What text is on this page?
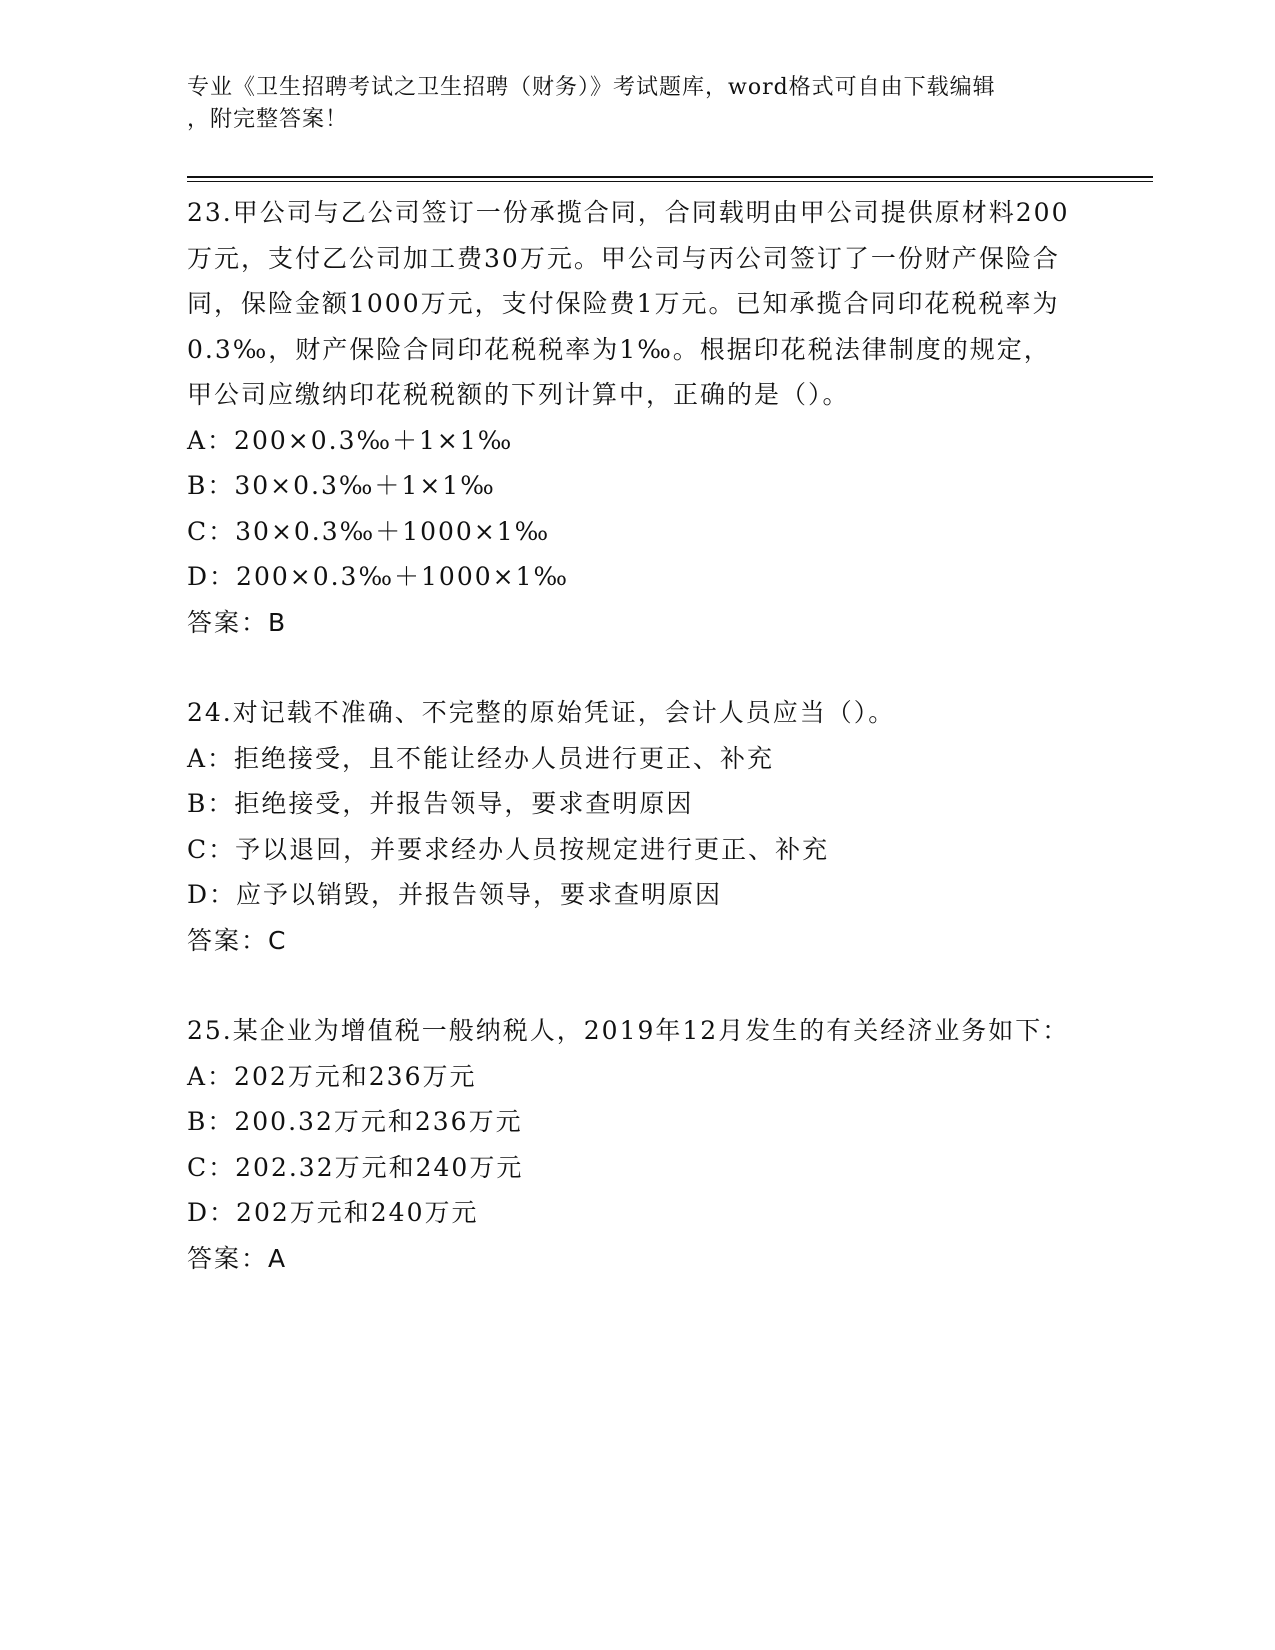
专业《卫生招聘考试之卫生招聘（财务）》考试题库，word格式可自由下载编辑
，附完整答案！
23.甲公司与乙公司签订一份承揽合同，合同载明由甲公司提供原材料200万元，支付乙公司加工费30万元。甲公司与丙公司签订了一份财产保险合同，保险金额1000万元，支付保险费1万元。已知承揽合同印花税税率为0.3‰，财产保险合同印花税税率为1‰。根据印花税法律制度的规定，甲公司应缴纳印花税税额的下列计算中，正确的是（）。
A：200×0.3‰＋1×1‰
B：30×0.3‰＋1×1‰
C：30×0.3‰＋1000×1‰
D：200×0.3‰＋1000×1‰
答案：B
24.对记载不准确、不完整的原始凭证，会计人员应当（）。
A：拒绝接受，且不能让经办人员进行更正、补充
B：拒绝接受，并报告领导，要求查明原因
C：予以退回，并要求经办人员按规定进行更正、补充
D：应予以销毁，并报告领导，要求查明原因
答案：C
25.某企业为增值税一般纳税人，2019年12月发生的有关经济业务如下：
A：202万元和236万元
B：200.32万元和236万元
C：202.32万元和240万元
D：202万元和240万元
答案：A
